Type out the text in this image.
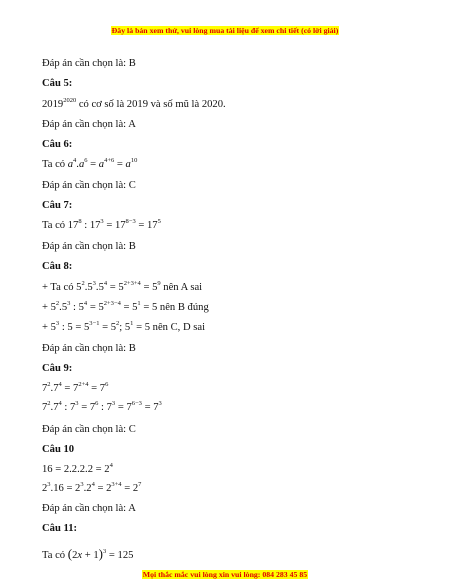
Đây là bản xem thử, vui lòng mua tài liệu để xem chi tiết (có lời giải)
Đáp án cần chọn là: B
Câu 5:
$2019^{2020}$ có cơ số là 2019 và số mũ là 2020.
Đáp án cần chọn là: A
Câu 6:
Ta có $a^4.a^6 = a^{4+6} = a^{10}$
Đáp án cần chọn là: C
Câu 7:
Ta có $17^8$ : $17^3 = 17^{8-3} = 17^5$
Đáp án cần chọn là: B
Câu 8:
+ Ta có $5^2.5^3.5^4 = 5^{2+3+4} = 5^9$ nên A sai
+ $5^2.5^3$ : $5^4 = 5^{2+3-4} = 5^1 = 5$ nên B đúng
+ $5^3$ : $5 = 5^{3-1} = 5^2$; $5^1 = 5$ nên C, D sai
Đáp án cần chọn là: B
Câu 9:
$7^2.7^4 = 7^{2+4} = 7^6$
$7^2.7^4$ : $7^3 = 7^6$ : $7^3 = 7^{6-3} = 7^3$
Đáp án cần chọn là: C
Câu 10
$16 = 2.2.2.2 = 2^4$
$2^3.16 = 2^3.2^4 = 2^{3+4} = 2^7$
Đáp án cần chọn là: A
Câu 11:
Ta có $(2x + 1)^3 = 125$
Mọi thắc mắc vui lòng xin vui lòng: 084 283 45 85
